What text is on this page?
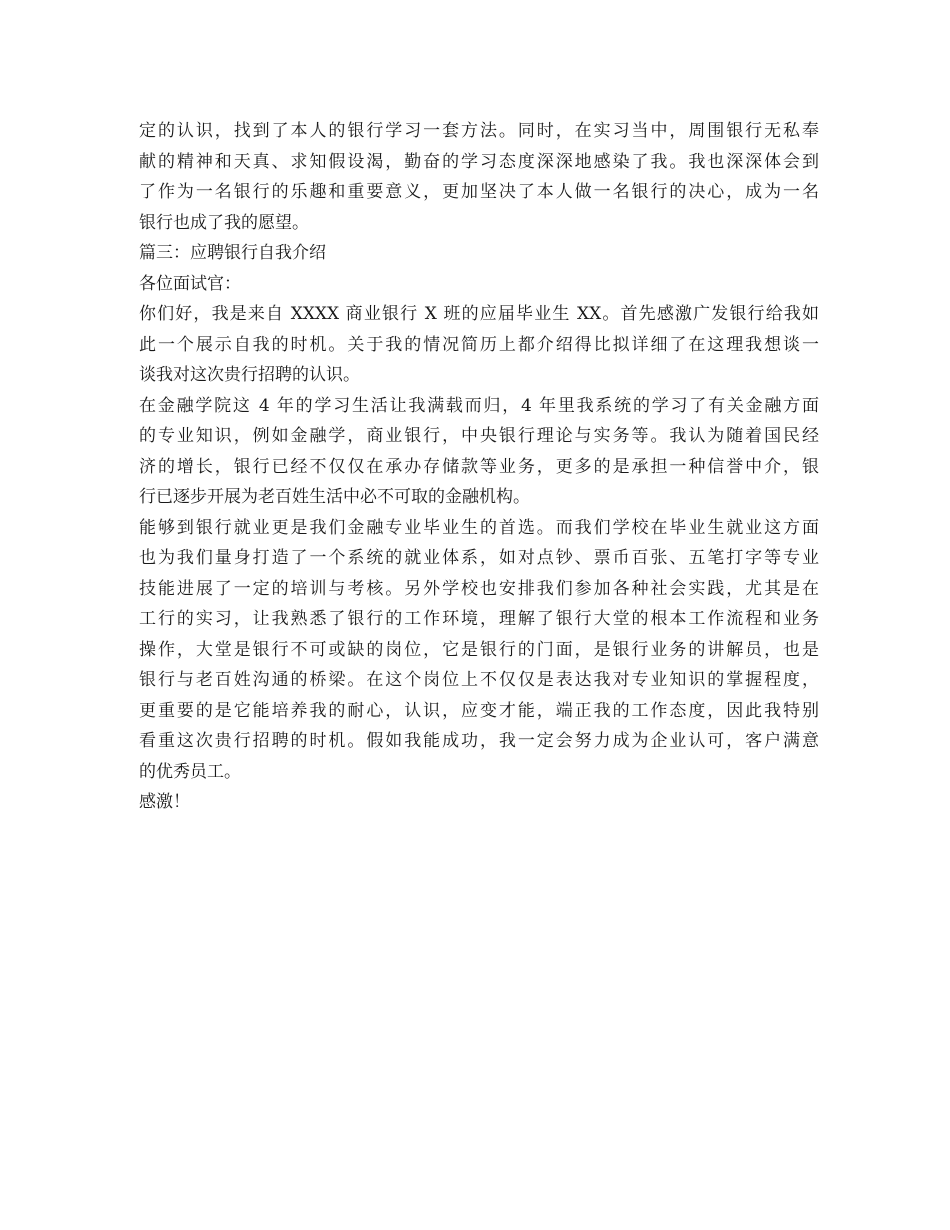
定的认识，找到了本人的银行学习一套方法。同时，在实习当中，周围银行无私奉
献的精神和天真、求知假设渴，勤奋的学习态度深深地感染了我。我也深深体会到
了作为一名银行的乐趣和重要意义，更加坚决了本人做一名银行的决心，成为一名
银行也成了我的愿望。
篇三：应聘银行自我介绍
各位面试官：
你们好，我是来自 XXXX 商业银行 X 班的应届毕业生 XX。首先感激广发银行给我如
此一个展示自我的时机。关于我的情况简历上都介绍得比拟详细了在这理我想谈一
谈我对这次贵行招聘的认识。
在金融学院这 4 年的学习生活让我满载而归，4 年里我系统的学习了有关金融方面
的专业知识，例如金融学，商业银行，中央银行理论与实务等。我认为随着国民经
济的增长，银行已经不仅仅在承办存储款等业务，更多的是承担一种信誉中介，银
行已逐步开展为老百姓生活中必不可取的金融机构。
能够到银行就业更是我们金融专业毕业生的首选。而我们学校在毕业生就业这方面
也为我们量身打造了一个系统的就业体系，如对点钞、票币百张、五笔打字等专业
技能进展了一定的培训与考核。另外学校也安排我们参加各种社会实践，尤其是在
工行的实习，让我熟悉了银行的工作环境，理解了银行大堂的根本工作流程和业务
操作，大堂是银行不可或缺的岗位，它是银行的门面，是银行业务的讲解员，也是
银行与老百姓沟通的桥梁。在这个岗位上不仅仅是表达我对专业知识的掌握程度，
更重要的是它能培养我的耐心，认识，应变才能，端正我的工作态度，因此我特别
看重这次贵行招聘的时机。假如我能成功，我一定会努力成为企业认可，客户满意
的优秀员工。
感激！
